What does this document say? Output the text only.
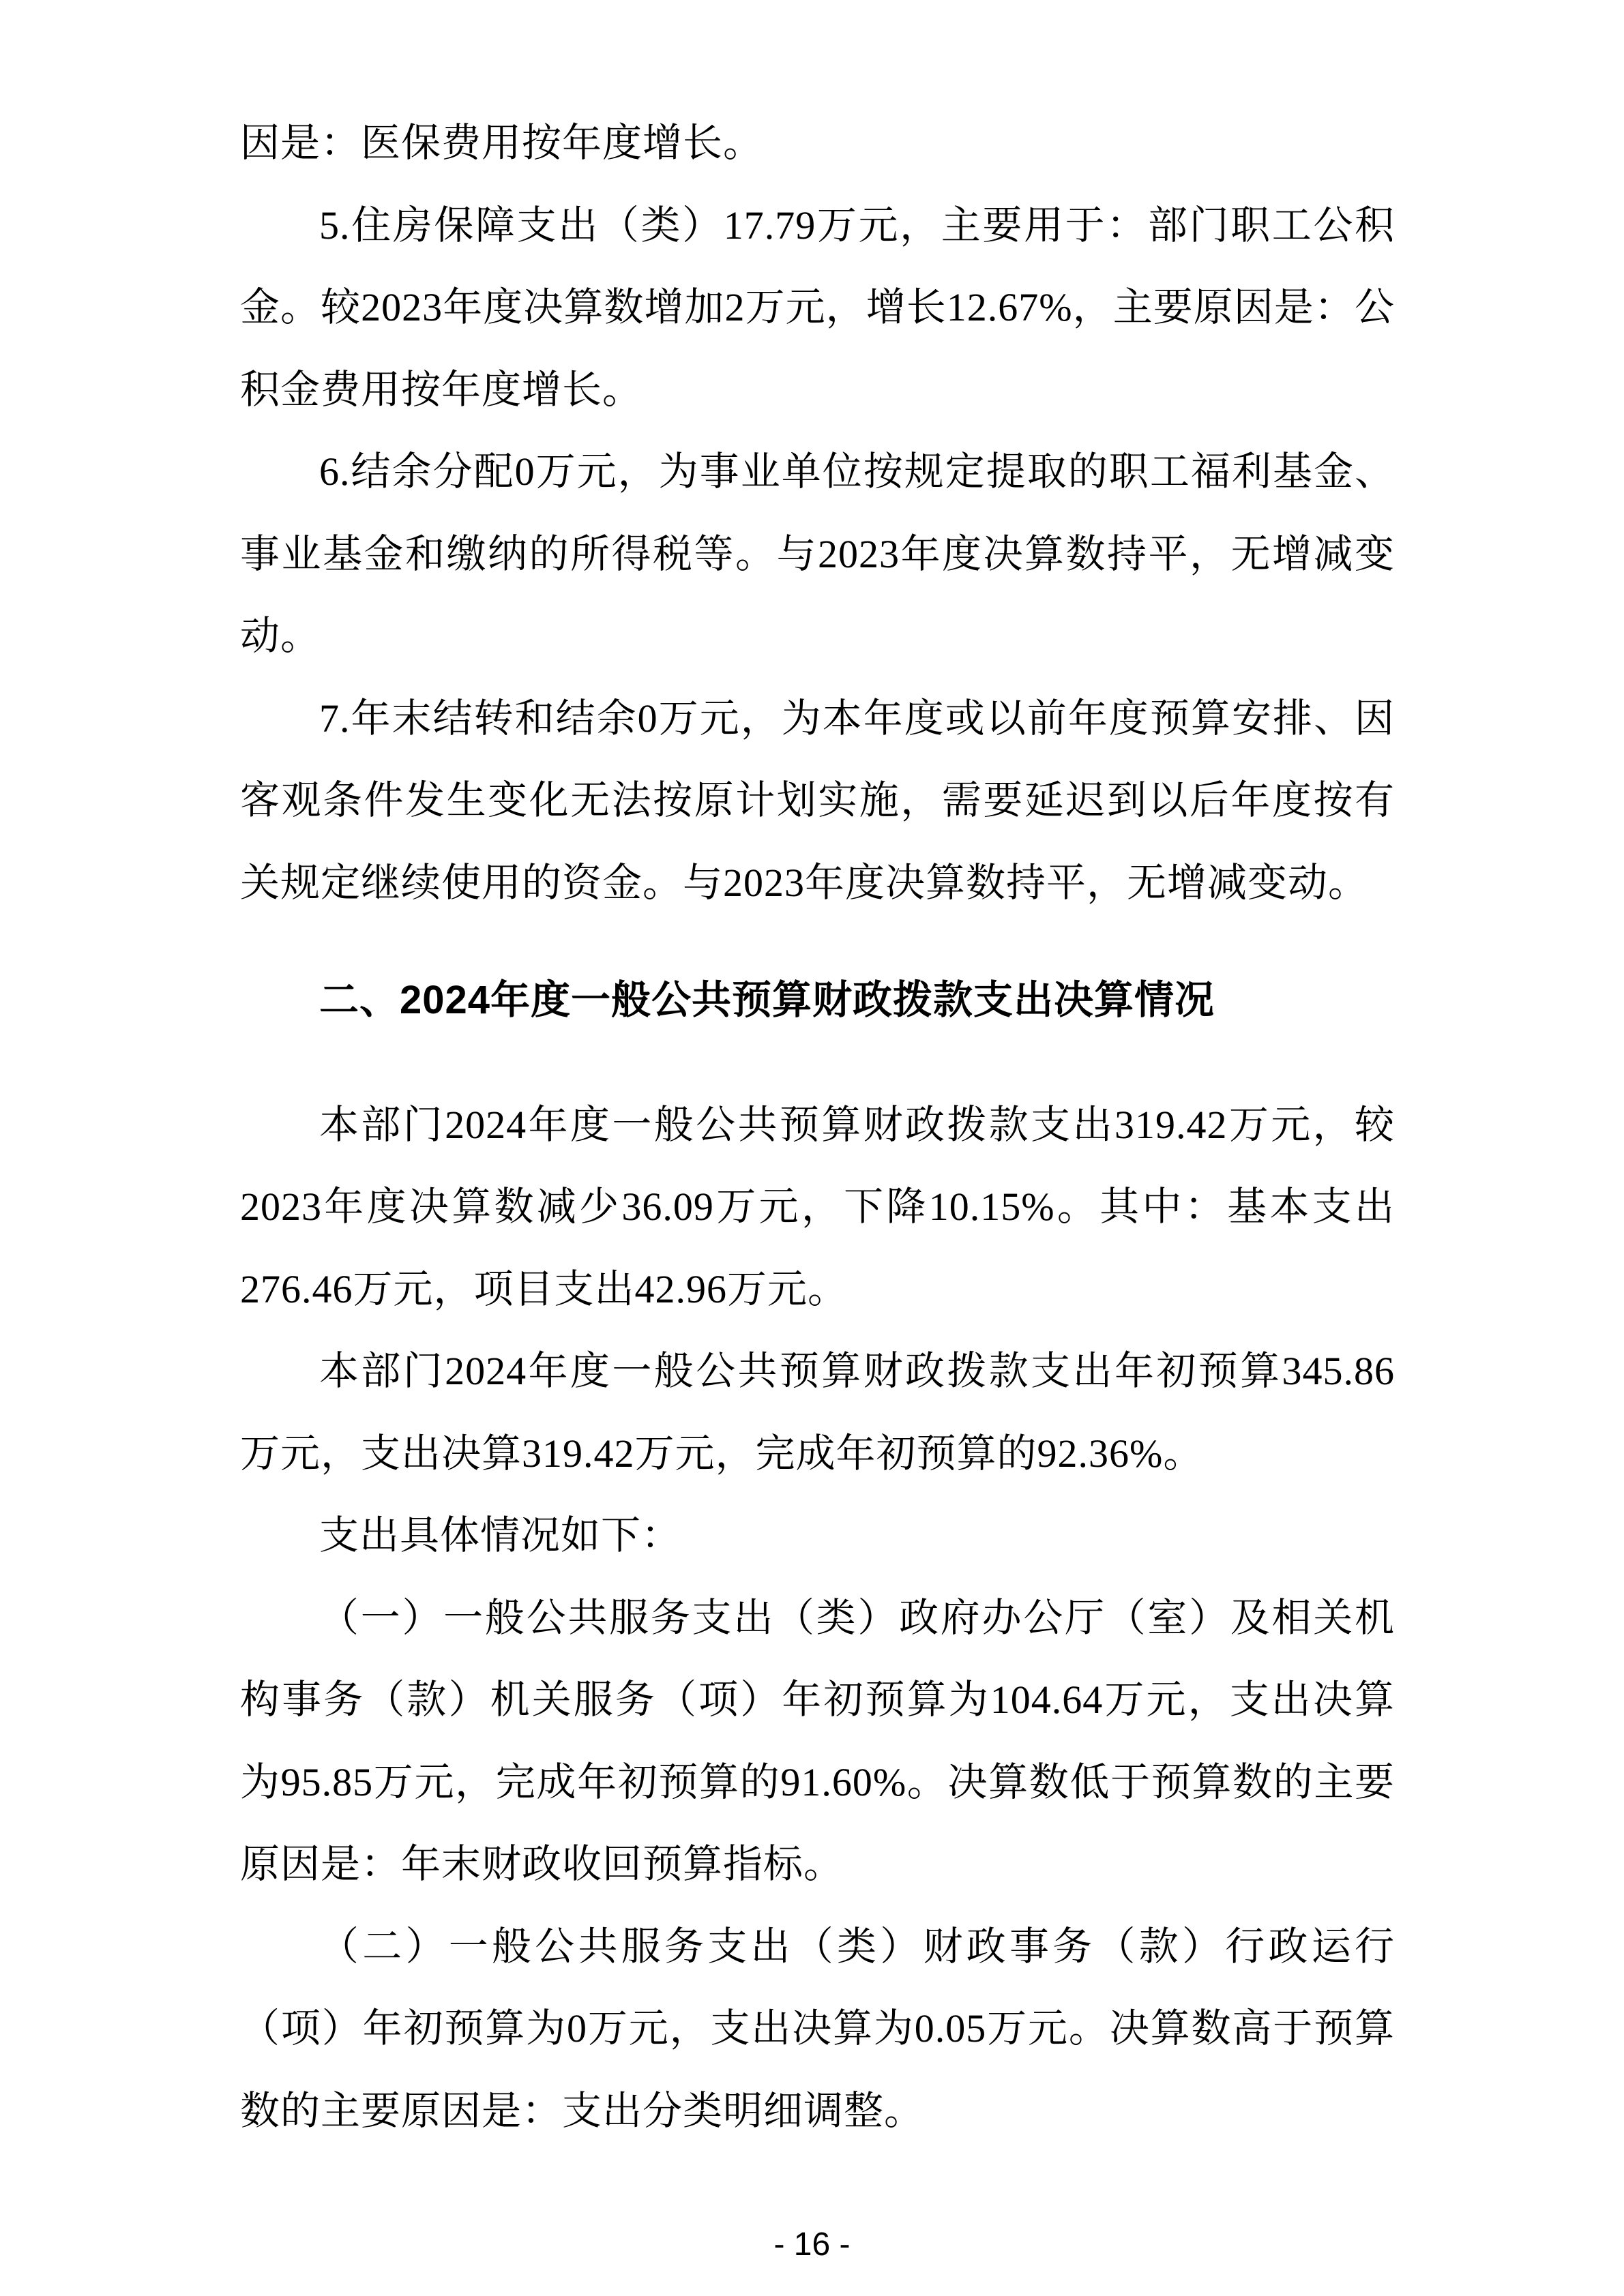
因是：医保费用按年度增长。
5.住房保障支出（类）17.79万元，主要用于：部门职工公积
金。较2023年度决算数增加2万元，增长12.67%，主要原因是：公
积金费用按年度增长。
6.结余分配0万元，为事业单位按规定提取的职工福利基金、
事业基金和缴纳的所得税等。与2023年度决算数持平，无增减变
动。
7.年末结转和结余0万元，为本年度或以前年度预算安排、因
客观条件发生变化无法按原计划实施，需要延迟到以后年度按有
关规定继续使用的资金。与2023年度决算数持平，无增减变动。
二、2024年度一般公共预算财政拨款支出决算情况
本部门2024年度一般公共预算财政拨款支出319.42万元，较
2023年度决算数减少36.09万元，下降10.15%。其中：基本支出
276.46万元，项目支出42.96万元。
本部门2024年度一般公共预算财政拨款支出年初预算345.86
万元，支出决算319.42万元，完成年初预算的92.36%。
支出具体情况如下：
（一）一般公共服务支出（类）政府办公厅（室）及相关机
构事务（款）机关服务（项）年初预算为104.64万元，支出决算
为95.85万元，完成年初预算的91.60%。决算数低于预算数的主要
原因是：年末财政收回预算指标。
（二）一般公共服务支出（类）财政事务（款）行政运行
（项）年初预算为0万元，支出决算为0.05万元。决算数高于预算
数的主要原因是：支出分类明细调整。
- 16 -
